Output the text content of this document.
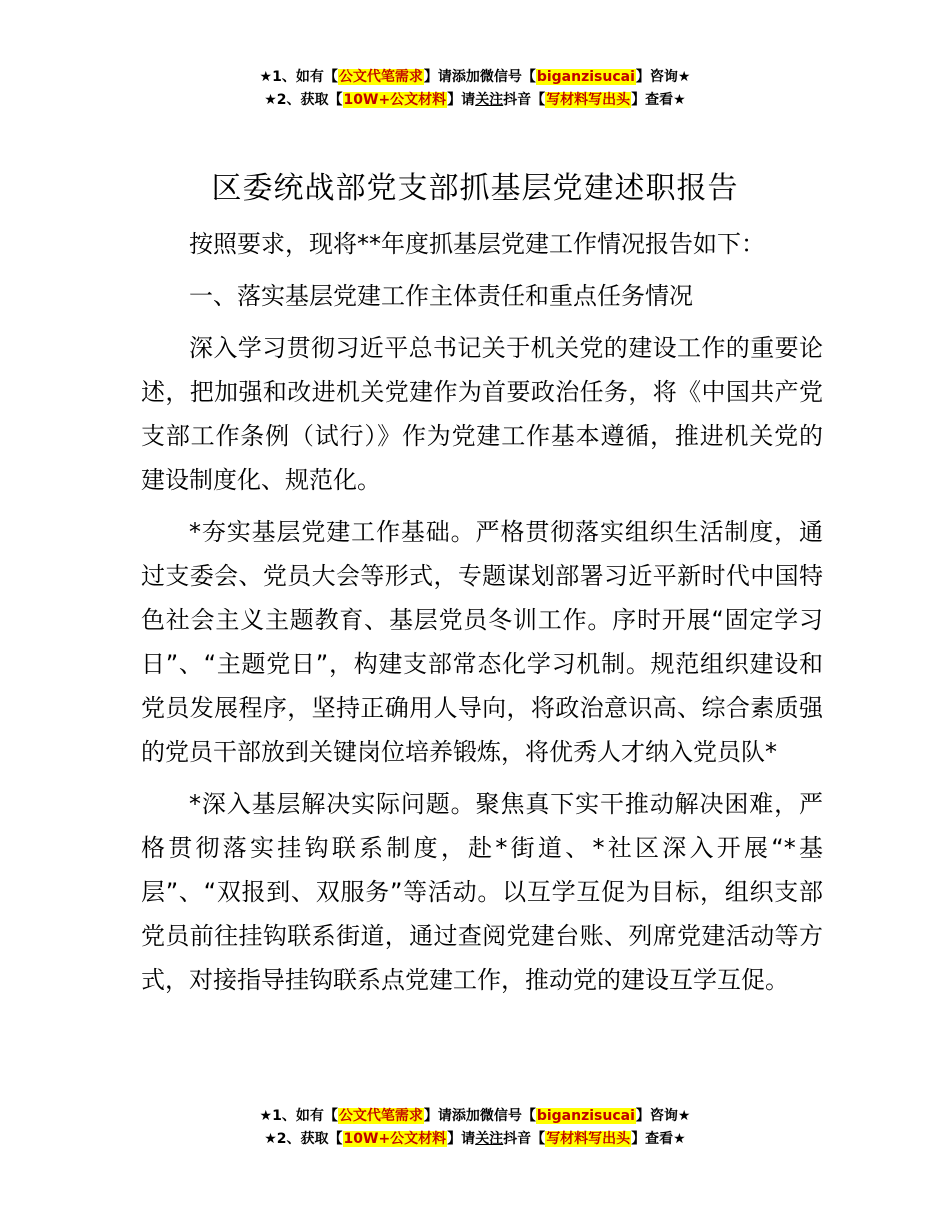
★1、如有【公文代笔需求】请添加微信号【biganzisucai】咨询★
★2、获取【10W+公文材料】请关注抖音【写材料写出头】查看★
区委统战部党支部抓基层党建述职报告

按照要求，现将**年度抓基层党建工作情况报告如下：

一、落实基层党建工作主体责任和重点任务情况

深入学习贯彻习近平总书记关于机关党的建设工作的重要论述，把加强和改进机关党建作为首要政治任务，将《中国共产党支部工作条例（试行）》作为党建工作基本遵循，推进机关党的建设制度化、规范化。

*夯实基层党建工作基础。严格贯彻落实组织生活制度，通过支委会、党员大会等形式，专题谋划部署习近平新时代中国特色社会主义主题教育、基层党员冬训工作。序时开展“固定学习日”、“主题党日”，构建支部常态化学习机制。规范组织建设和党员发展程序，坚持正确用人导向，将政治意识高、综合素质强的党员干部放到关键岗位培养锻炼，将优秀人才纳入党员队*

*深入基层解决实际问题。聚焦真下实干推动解决困难，严格贯彻落实挂钩联系制度，赴*街道、*社区深入开展“*基层”、“双报到、双服务”等活动。以互学互促为目标，组织支部党员前往挂钩联系街道，通过查阅党建台账、列席党建活动等方式，对接指导挂钩联系点党建工作，推动党的建设互学互促。

★1、如有【公文代笔需求】请添加微信号【biganzisucai】咨询★
★2、获取【10W+公文材料】请关注抖音【写材料写出头】查看★
